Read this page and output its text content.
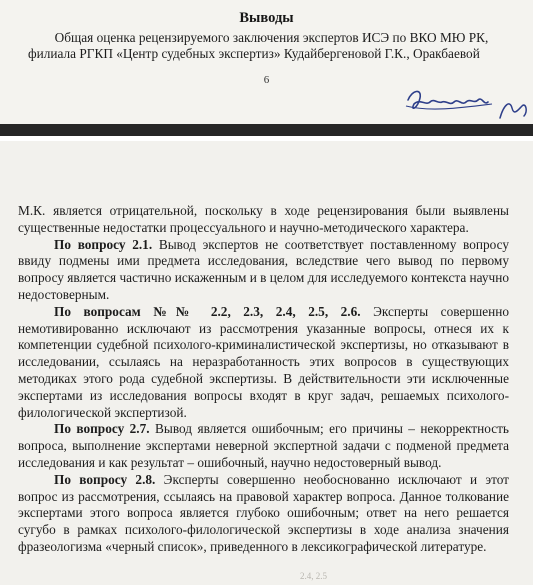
Выводы
Общая оценка рецензируемого заключения экспертов ИСЭ по ВКО МЮ РК,
филиала РГКП «Центр судебных экспертиз» Кудайбергеновой Г.К., Оракбаевой
6

М.К. является отрицательной, поскольку в ходе рецензирования были выявлены существенные недостатки процессуального и научно-методического характера.

По вопросу 2.1. Вывод экспертов не соответствует поставленному вопросу ввиду подмены ими предмета исследования, вследствие чего вывод по первому вопросу является частично искаженным и в целом для исследуемого контекста научно недостоверным.

По вопросам №№ 2.2, 2.3, 2.4, 2.5, 2.6. Эксперты совершенно немотивированно исключают из рассмотрения указанные вопросы, отнеся их к компетенции судебной психолого-криминалистической экспертизы, но отказывают в исследовании, ссылаясь на неразработанность этих вопросов в существующих методиках этого рода судебной экспертизы. В действительности эти исключенные экспертами из исследования вопросы входят в круг задач, решаемых психолого-филологической экспертизой.

По вопросу 2.7. Вывод является ошибочным; его причины – некорректность вопроса, выполнение экспертами неверной экспертной задачи с подменой предмета исследования и как результат – ошибочный, научно недостоверный вывод.

По вопросу 2.8. Эксперты совершенно необоснованно исключают и этот вопрос из рассмотрения, ссылаясь на правовой характер вопроса. Данное толкование экспертами этого вопроса является глубоко ошибочным; ответ на него решается сугубо в рамках психолого-филологической экспертизы в ходе анализа значения фразеологизма «черный список», приведенного в лексикографической литературе.

2.4, 2.5
